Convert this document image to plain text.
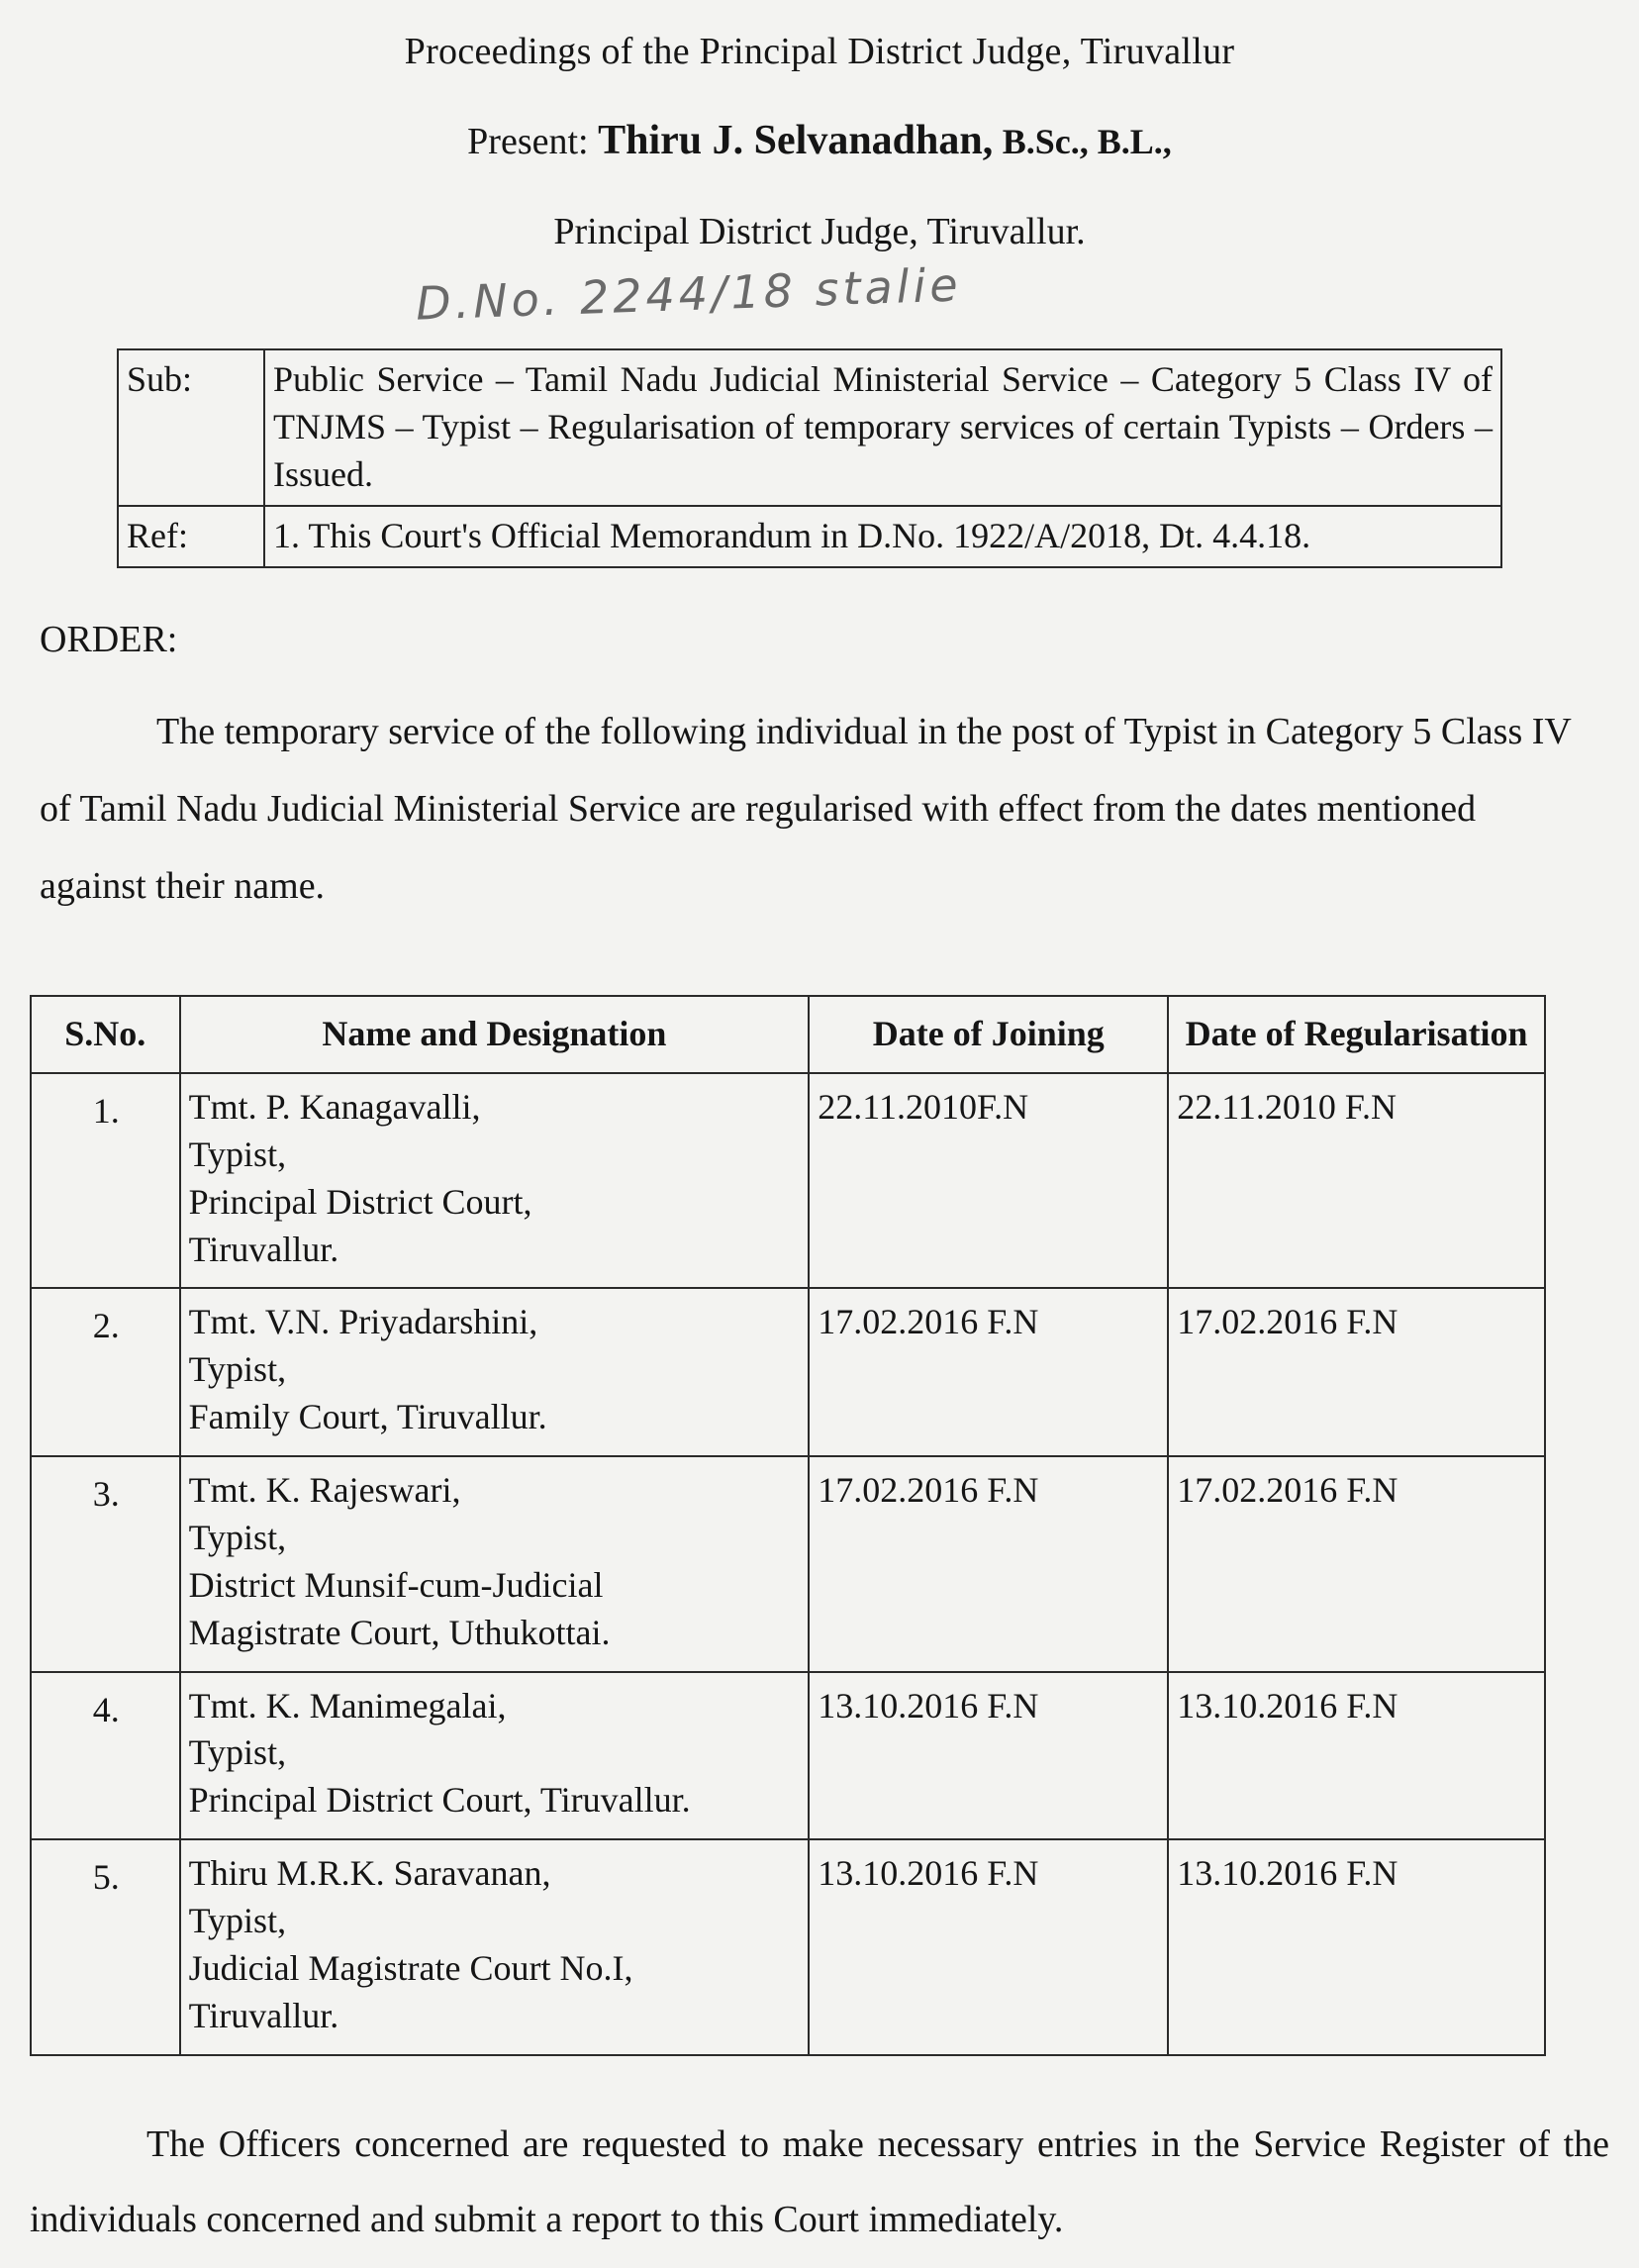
Proceedings of the Principal District Judge, Tiruvallur
Present: Thiru J. Selvanadhan, B.Sc., B.L.,
Principal District Judge, Tiruvallur.
D.No. 2244/18 stalie
Sub:	Public Service – Tamil Nadu Judicial Ministerial Service – Category 5 Class IV of TNJMS – Typist – Regularisation of temporary services of certain Typists – Orders – Issued.
Ref:	1. This Court's Official Memorandum in D.No. 1922/A/2018, Dt. 4.4.18.
ORDER:
The temporary service of the following individual in the post of Typist in Category 5 Class IV of Tamil Nadu Judicial Ministerial Service are regularised with effect from the dates mentioned against their name.
S.No.	Name and Designation	Date of Joining	Date of Regularisation
1.	Tmt. P. Kanagavalli,
Typist,
Principal District Court,
Tiruvallur.	22.11.2010F.N	22.11.2010 F.N
2.	Tmt. V.N. Priyadarshini,
Typist,
Family Court, Tiruvallur.	17.02.2016 F.N	17.02.2016 F.N
3.	Tmt. K. Rajeswari,
Typist,
District Munsif-cum-Judicial
Magistrate Court, Uthukottai.	17.02.2016 F.N	17.02.2016 F.N
4.	Tmt. K. Manimegalai,
Typist,
Principal District Court, Tiruvallur.	13.10.2016 F.N	13.10.2016 F.N
5.	Thiru M.R.K. Saravanan,
Typist,
Judicial Magistrate Court No.I,
Tiruvallur.	13.10.2016 F.N	13.10.2016 F.N
The Officers concerned are requested to make necessary entries in the Service Register of the individuals concerned and submit a report to this Court immediately.
